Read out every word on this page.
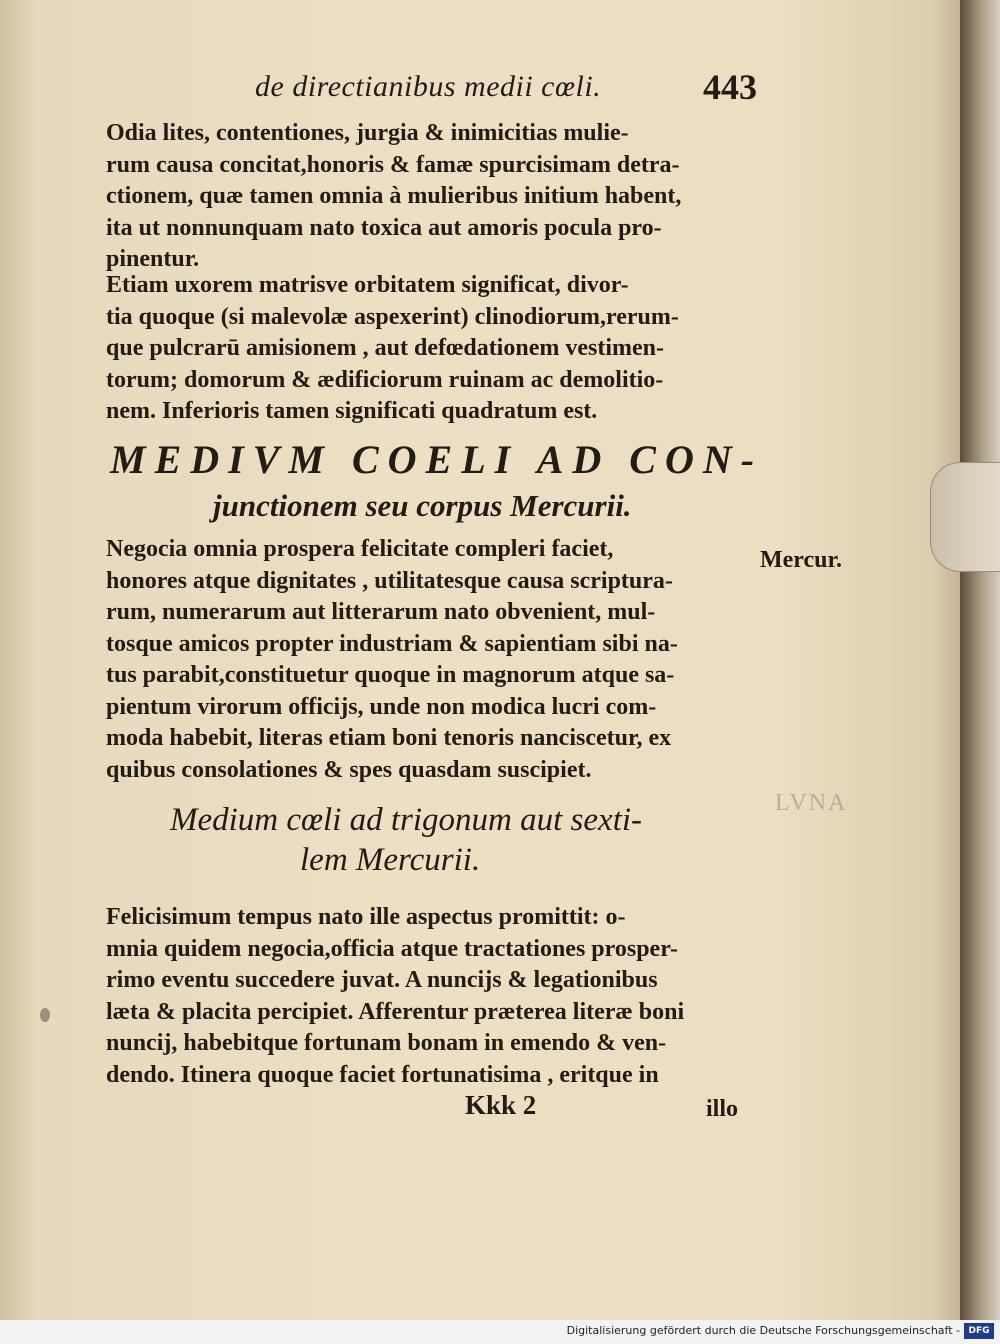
LVNA
de directianibus medii cœli.	443

Odia lites, contentiones, jurgia & inimicitias mulie-
rum causa concitat,honoris & famæ spurcisimam detra-
ctionem, quæ tamen omnia à mulieribus initium habent,
ita ut nonnunquam nato toxica aut amoris pocula pro-
pinentur.

Etiam uxorem matrisve orbitatem significat, divor-
tia quoque (si malevolæ aspexerint) clinodiorum,rerum-
que pulcrarū amisionem , aut defœdationem vestimen-
torum; domorum & ædificiorum ruinam ac demolitio-
nem. Inferioris tamen significati quadratum est.

MEDIVM COELI AD CON-
junctionem seu corpus Mercurii.

Negocia omnia prospera felicitate compleri faciet,
honores atque dignitates , utilitatesque causa scriptura-
rum, numerarum aut litterarum nato obvenient, mul-
tosque amicos propter industriam & sapientiam sibi na-
tus parabit,constituetur quoque in magnorum atque sa-
pientum virorum officijs, unde non modica lucri com-
moda habebit, literas etiam boni tenoris nanciscetur, ex
quibus consolationes & spes quasdam suscipiet.

Mercur.
Medium cœli ad trigonum aut sexti-
lem Mercurii.

Felicisimum tempus nato ille aspectus promittit: o-
mnia quidem negocia,officia atque tractationes prosper-
rimo eventu succedere juvat. A nuncijs & legationibus
læta & placita percipiet. Afferentur præterea literæ boni
nuncij, habebitque fortunam bonam in emendo & ven-
dendo. Itinera quoque faciet fortunatisima , eritque in

Kkk 2	illo
Digitalisierung gefördert durch die Deutsche Forschungsgemeinschaft - DFG
